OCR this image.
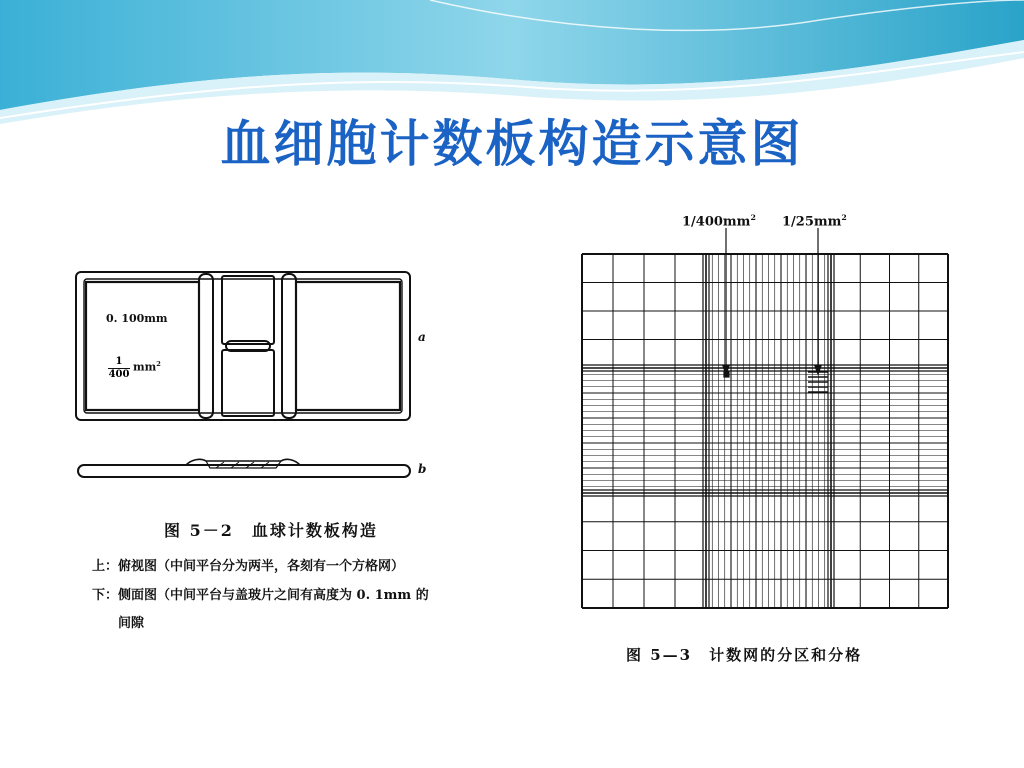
血细胞计数板构造示意图
0. 100mm
$\frac{1}{400} mm^2$
a
b
图 5－2　血球计数板构造
上：俯视图（中间平台分为两半，各刻有一个方格网）
下：侧面图（中间平台与盖玻片之间有高度为 0. 1mm 的
间隙
$1/400mm^2$ $1/25mm^2$
图 5—3　计数网的分区和分格
